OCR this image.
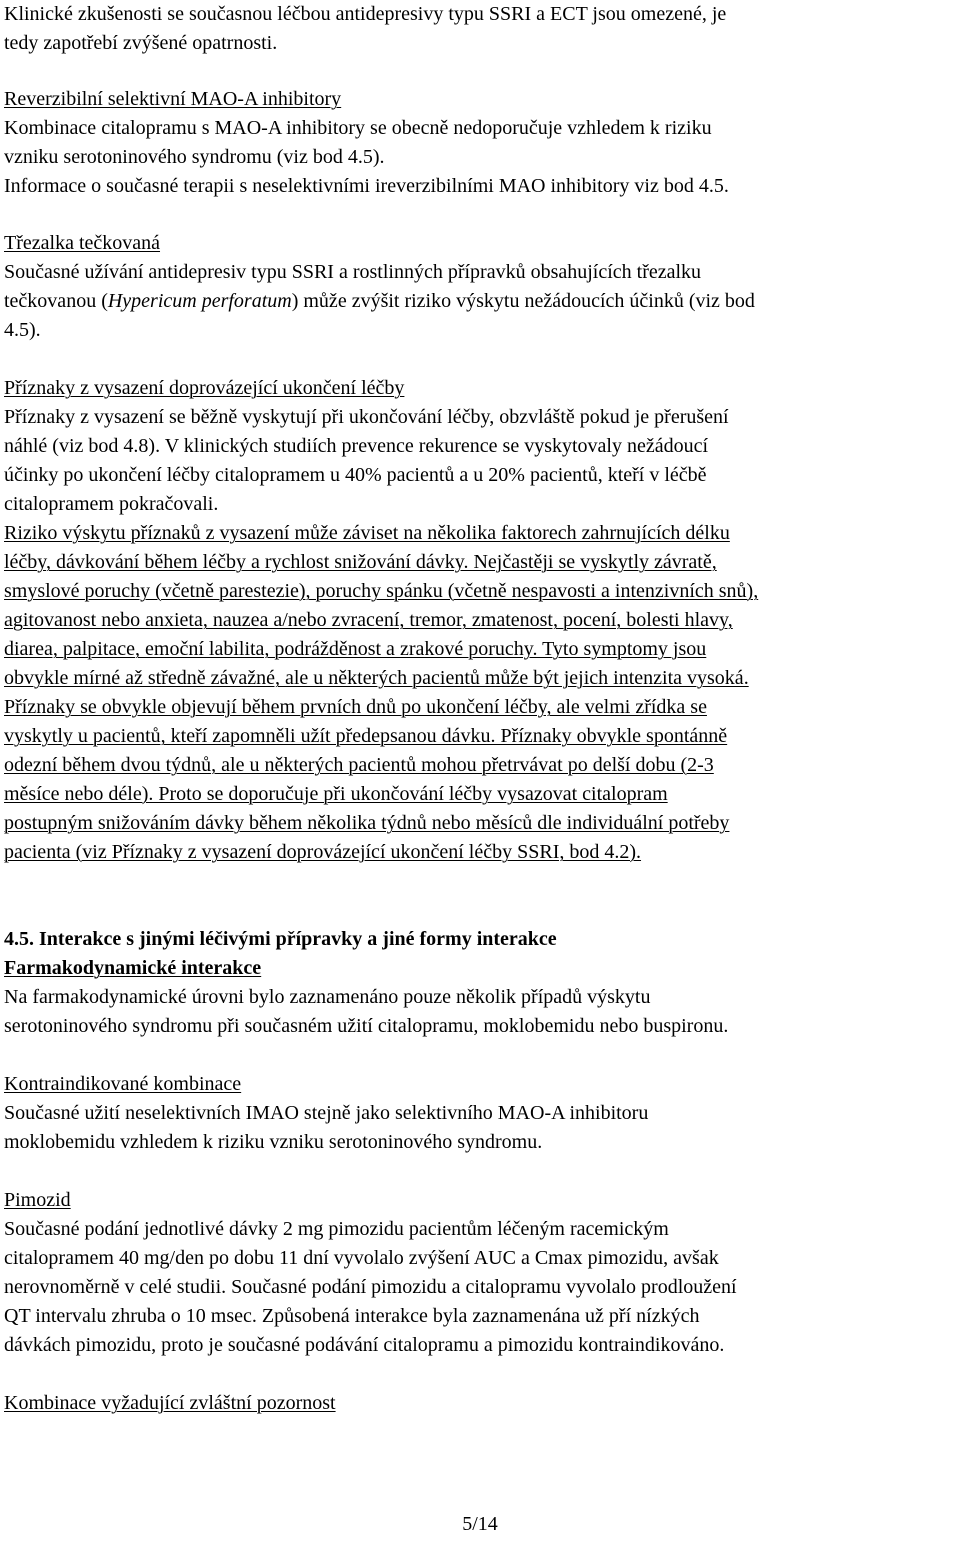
Klinické zkušenosti se současnou léčbou antidepresivy typu SSRI a ECT jsou omezené, je
tedy zapotřebí zvýšené opatrnosti.
Reverzibilní selektivní MAO-A inhibitory
Kombinace citalopramu s MAO-A inhibitory se obecně nedoporučuje vzhledem k riziku
vzniku serotoninového syndromu (viz bod 4.5).
Informace o současné terapii s neselektivními ireverzibilními MAO inhibitory viz bod 4.5.
Třezalka tečkovaná
Současné užívání antidepresiv typu SSRI a rostlinných přípravků obsahujících třezalku
tečkovanou (Hypericum perforatum) může zvýšit riziko výskytu nežádoucích účinků (viz bod
4.5).
Příznaky z vysazení doprovázející ukončení léčby
Příznaky z vysazení se běžně vyskytují při ukončování léčby, obzvláště pokud je přerušení
náhlé (viz bod 4.8). V klinických studiích prevence rekurence se vyskytovaly nežádoucí
účinky po ukončení léčby citalopramem u 40% pacientů a u 20% pacientů, kteří v léčbě
citalopramem pokračovali.
Riziko výskytu příznaků z vysazení může záviset na několika faktorech zahrnujících délku
léčby, dávkování během léčby a rychlost snižování dávky. Nejčastěji se vyskytly závratě,
smyslové poruchy (včetně parestezie), poruchy spánku (včetně nespavosti a intenzivních snů),
agitovanost nebo anxieta, nauzea a/nebo zvracení, tremor, zmatenost, pocení, bolesti hlavy,
diarea, palpitace, emoční labilita, podrážděnost a zrakové poruchy. Tyto symptomy jsou
obvykle mírné až středně závažné, ale u některých pacientů může být jejich intenzita vysoká.
Příznaky se obvykle objevují během prvních dnů po ukončení léčby, ale velmi zřídka se
vyskytly u pacientů, kteří zapomněli užít předepsanou dávku. Příznaky obvykle spontánně
odezní během dvou týdnů, ale u některých pacientů mohou přetrvávat po delší dobu (2-3
měsíce nebo déle). Proto se doporučuje při ukončování léčby vysazovat citalopram
postupným snižováním dávky během několika týdnů nebo měsíců dle individuální potřeby
pacienta (viz Příznaky z vysazení doprovázející ukončení léčby SSRI, bod 4.2).
4.5. Interakce s jinými léčivými přípravky a jiné formy interakce
Farmakodynamické interakce
Na farmakodynamické úrovni bylo zaznamenáno pouze několik případů výskytu
serotoninového syndromu při současném užití citalopramu, moklobemidu nebo buspironu.
Kontraindikované kombinace
Současné užití neselektivních IMAO stejně jako selektivního MAO-A inhibitoru
moklobemidu vzhledem k riziku vzniku serotoninového syndromu.
Pimozid
Současné podání jednotlivé dávky 2 mg pimozidu pacientům léčeným racemickým
citalopramem 40 mg/den po dobu 11 dní vyvolalo zvýšení AUC a Cmax pimozidu, avšak
nerovnoměrně v celé studii. Současné podání pimozidu a citalopramu vyvolalo prodloužení
QT intervalu zhruba o 10 msec. Způsobená interakce byla zaznamenána už pří nízkých
dávkách pimozidu, proto je současné podávání citalopramu a pimozidu kontraindikováno.
Kombinace vyžadující zvláštní pozornost
5/14
